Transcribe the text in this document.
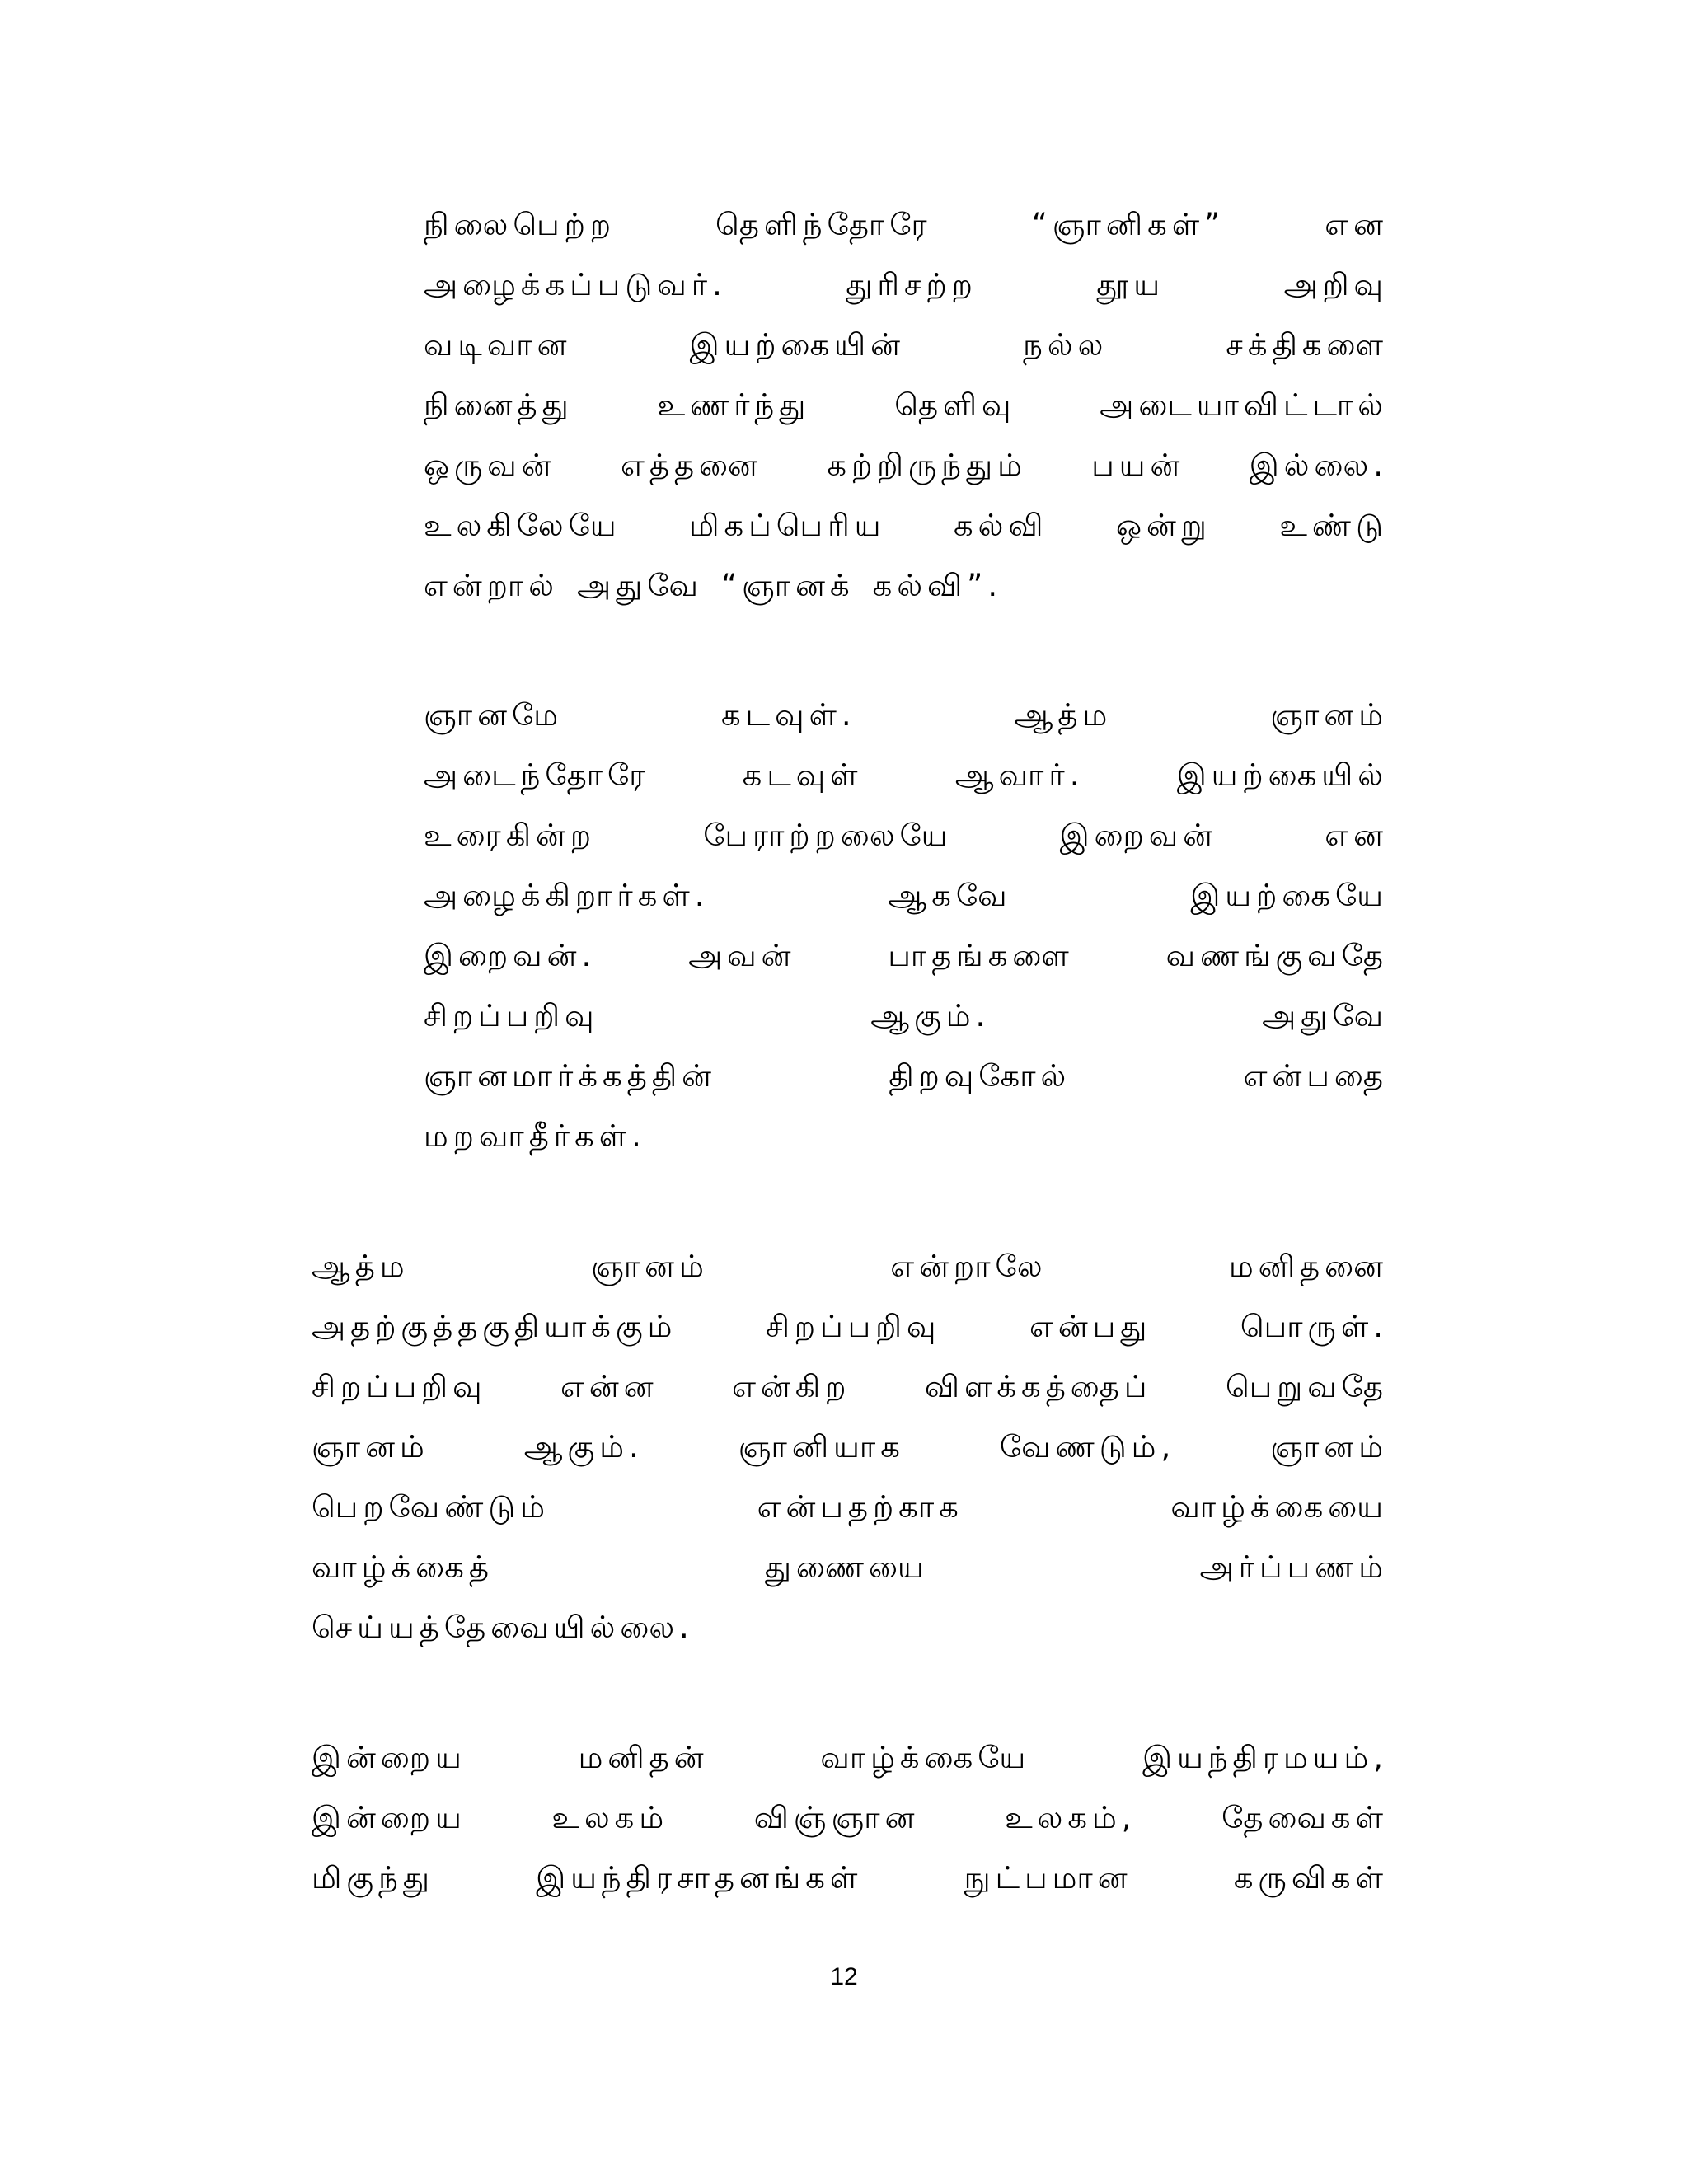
நிலைபெற்ற	தெளிந்தோரே	“ஞானிகள்”	என
அழைக்கப்படுவர்.	துரிசற்ற	தூய	அறிவு
வடிவான	இயற்கையின்	நல்ல	சக்திகளை
நினைத்து	உணர்ந்து	தெளிவு	அடையாவிட்டால்
ஒருவன் எத்தனை கற்றிருந்தும் பயன் இல்லை.
உலகிலேயே மிகப்பெரிய கல்வி ஒன்று உண்டு
என்றால் அதுவே “ஞானக் கல்வி”.
ஞானமே	கடவுள்.	ஆத்ம	ஞானம்
அடைந்தோரே	கடவுள்	ஆவார்.	இயற்கையில்
உரைகின்ற	பேராற்றலையே	இறைவன்	என
அழைக்கிறார்கள்.	ஆகவே	இயற்கையே
இறைவன்.	அவன்	பாதங்களை	வணங்குவதே
சிறப்பறிவு	ஆகும்.	அதுவே
ஞானமார்க்கத்தின்	திறவுகோல்	என்பதை
மறவாதீர்கள்.
ஆத்ம	ஞானம்	என்றாலே	மனிதனை
அதற்குத்தகுதியாக்கும்	சிறப்பறிவு	என்பது	பொருள்.
சிறப்பறிவு என்ன என்கிற விளக்கத்தைப் பெறுவதே
ஞானம்	ஆகும்.	ஞானியாக	வேணடும்,	ஞானம்
பெறவேண்டும்	என்பதற்காக	வாழ்க்கையை
வாழ்க்கைத்	துணையை	அர்ப்பணம்
செய்யத்தேவையில்லை.
இன்றைய	மனிதன்	வாழ்க்கையே	இயந்திரமயம்,
இன்றைய	உலகம்	விஞ்ஞான	உலகம்,	தேவைகள்
மிகுந்து	இயந்திரசாதனங்கள்	நுட்பமான	கருவிகள்
12
